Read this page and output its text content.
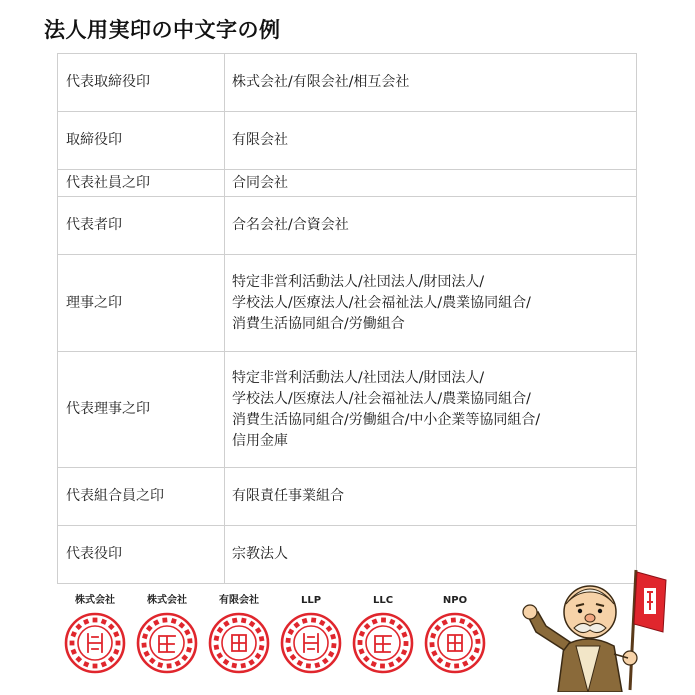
法人用実印の中文字の例
代表取締役印	株式会社/有限会社/相互会社

取締役印	有限会社

代表社員之印	合同会社

代表者印	合名会社/合資会社

理事之印	特定非営利活動法人/社団法人/財団法人/
学校法人/医療法人/社会福祉法人/農業協同組合/
消費生活協同組合/労働組合

代表理事之印	特定非営利活動法人/社団法人/財団法人/
学校法人/医療法人/社会福祉法人/農業協同組合/
消費生活協同組合/労働組合/中小企業等協同組合/
信用金庫

代表組合員之印	有限責任事業組合

代表役印	宗教法人
株式会社	株式会社	有限会社	LLP	LLC	NPO
